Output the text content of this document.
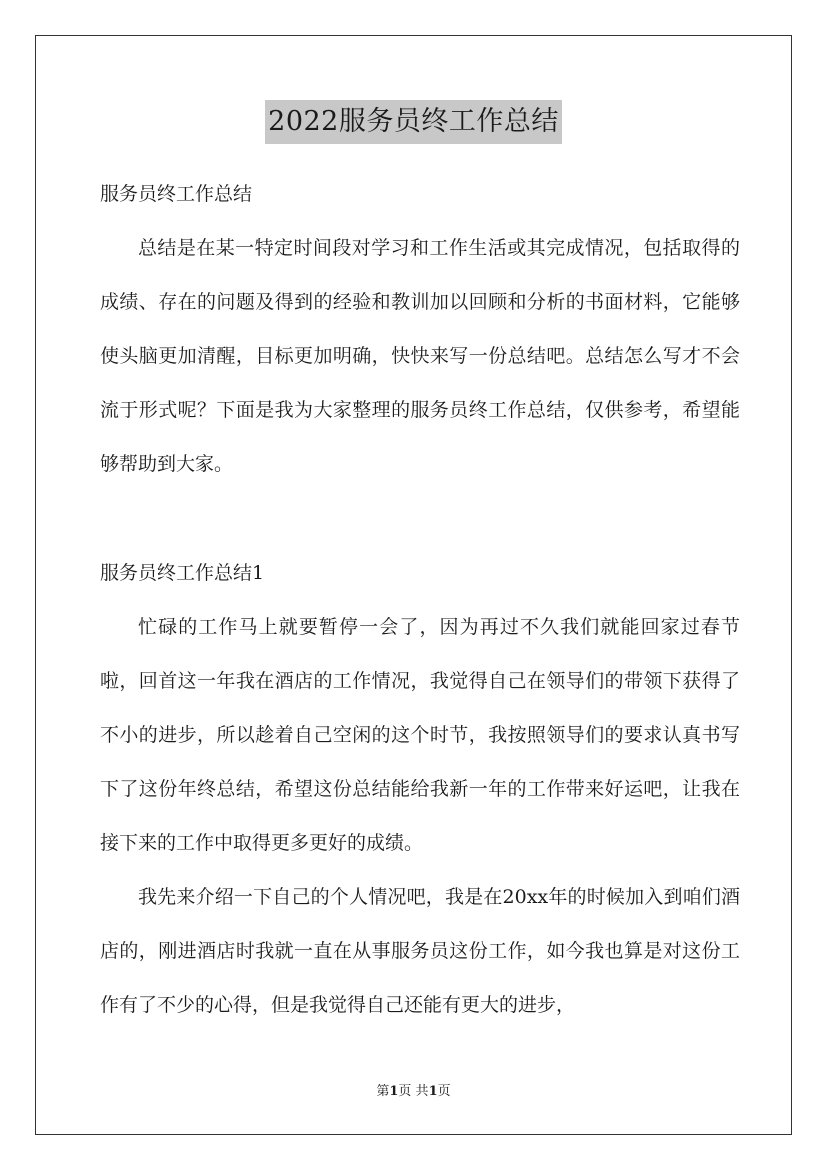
2022服务员终工作总结
服务员终工作总结
总结是在某一特定时间段对学习和工作生活或其完成情况，包括取得的成绩、存在的问题及得到的经验和教训加以回顾和分析的书面材料，它能够使头脑更加清醒，目标更加明确，快快来写一份总结吧。总结怎么写才不会流于形式呢？下面是我为大家整理的服务员终工作总结，仅供参考，希望能够帮助到大家。
服务员终工作总结1
忙碌的工作马上就要暂停一会了，因为再过不久我们就能回家过春节啦，回首这一年我在酒店的工作情况，我觉得自己在领导们的带领下获得了不小的进步，所以趁着自己空闲的这个时节，我按照领导们的要求认真书写下了这份年终总结，希望这份总结能给我新一年的工作带来好运吧，让我在接下来的工作中取得更多更好的成绩。
我先来介绍一下自己的个人情况吧，我是在20xx年的时候加入到咱们酒店的，刚进酒店时我就一直在从事服务员这份工作，如今我也算是对这份工作有了不少的心得，但是我觉得自己还能有更大的进步，
第1页 共1页
